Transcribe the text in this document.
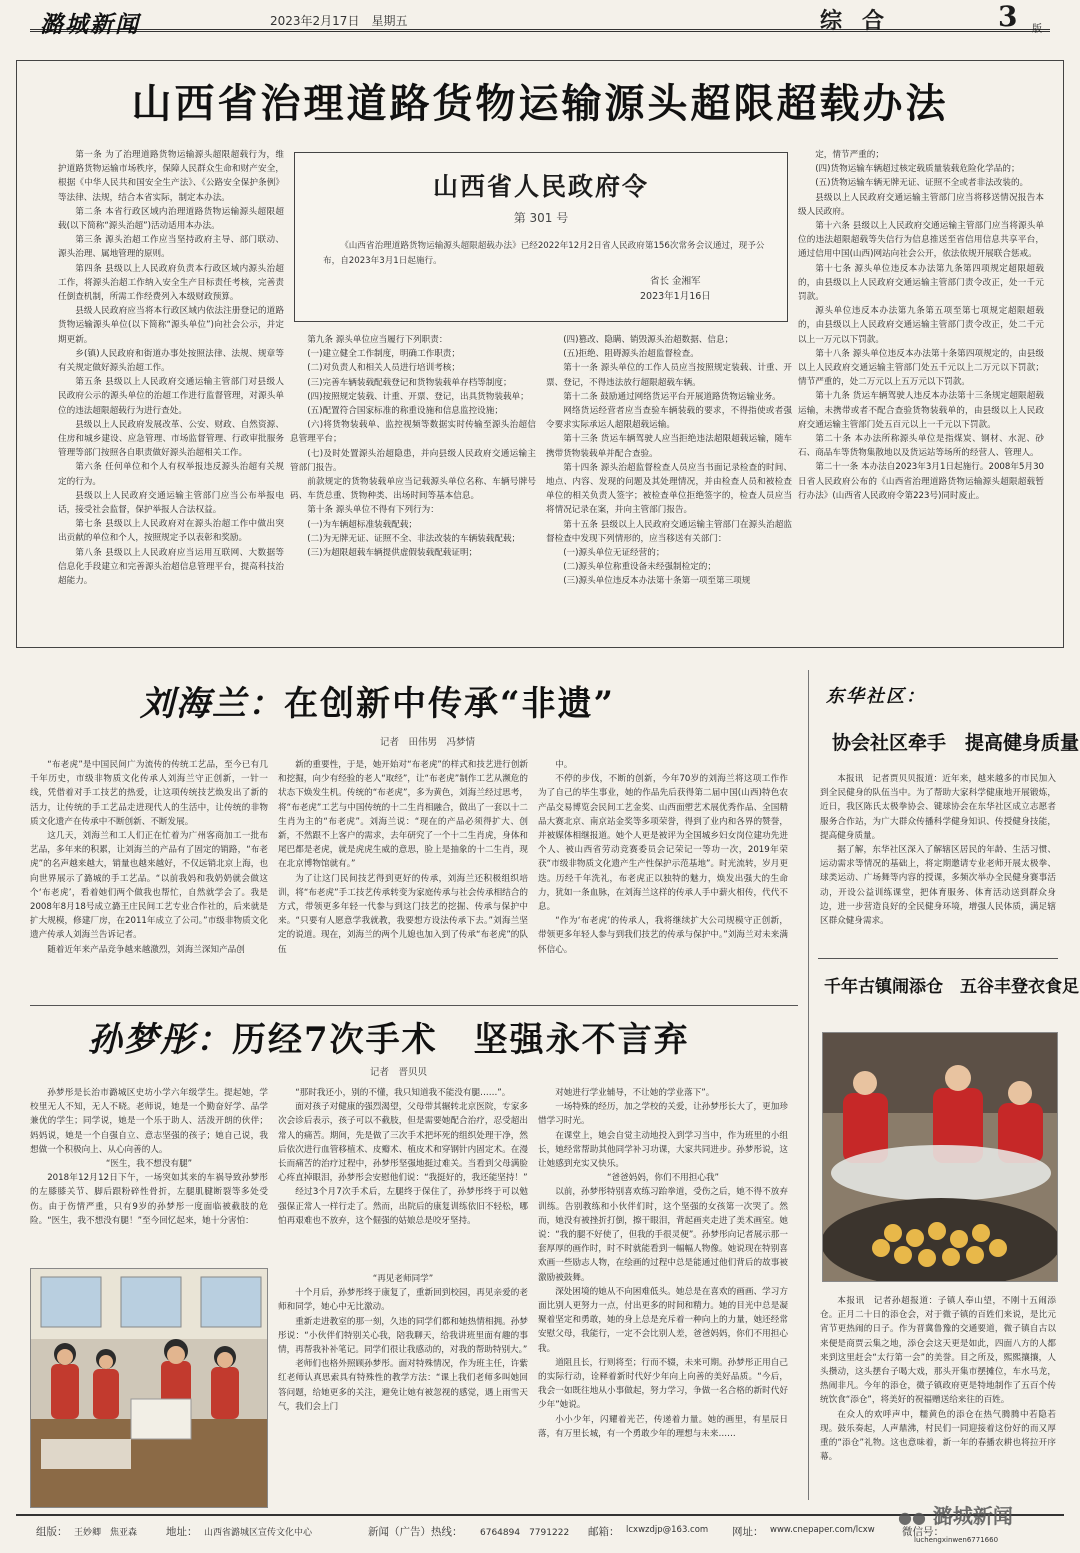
潞城新闻	2023年2月17日　星期五	综合	3 版
山西省治理道路货物运输源头超限超载办法
山西省人民政府令
第 301 号
《山西省治理道路货物运输源头超限超载办法》已经2022年12月2日省人民政府第156次常务会议通过，现予公布，自2023年3月1日起施行。
省长 金湘军
2023年1月16日

第一条 为了治理道路货物运输源头超限超载行为，维护道路货物运输市场秩序，保障人民群众生命和财产安全，根据《中华人民共和国安全生产法》、《公路安全保护条例》等法律、法规，结合本省实际，制定本办法。

第二条 本省行政区域内治理道路货物运输源头超限超载(以下简称“源头治超”)活动适用本办法。

第三条 源头治超工作应当坚持政府主导、部门联动、源头治理、属地管理的原则。

第四条 县级以上人民政府负责本行政区域内源头治超工作，将源头治超工作纳入安全生产目标责任考核，完善责任倒查机制，所需工作经费列入本级财政预算。

县级人民政府应当将本行政区域内依法注册登记的道路货物运输源头单位(以下简称“源头单位”)向社会公示，并定期更新。

乡(镇)人民政府和街道办事处按照法律、法规、规章等有关规定做好源头治超工作。

第五条 县级以上人民政府交通运输主管部门对县级人民政府公示的源头单位的治超工作进行监督管理，对源头单位的违法超限超载行为进行查处。

县级以上人民政府发展改革、公安、财政、自然资源、住房和城乡建设、应急管理、市场监督管理、行政审批服务管理等部门按照各自职责做好源头治超相关工作。

第六条 任何单位和个人有权举报违反源头治超有关规定的行为。

县级以上人民政府交通运输主管部门应当公布举报电话，接受社会监督，保护举报人合法权益。

第七条 县级以上人民政府对在源头治超工作中做出突出贡献的单位和个人，按照规定予以表彰和奖励。

第八条 县级以上人民政府应当运用互联网、大数据等信息化手段建立和完善源头治超信息管理平台，提高科技治超能力。

第九条 源头单位应当履行下列职责：

(一)建立健全工作制度，明确工作职责；

(二)对负责人和相关人员进行培训考核；

(三)完善车辆装载配载登记和货物装载单存档等制度；

(四)按照规定装载、计重、开票、登记，出具货物装载单；

(五)配置符合国家标准的称重设施和信息监控设施；

(六)将货物装载单、监控视频等数据实时传输至源头治超信息管理平台；

(七)及时处置源头治超隐患，并向县级人民政府交通运输主管部门报告。

前款规定的货物装载单应当记载源头单位名称、车辆号牌号码、车货总重、货物种类、出场时间等基本信息。

第十条 源头单位不得有下列行为：

(一)为车辆超标准装载配载；

(二)为无牌无证、证照不全、非法改装的车辆装载配载；

(三)为超限超载车辆提供虚假装载配载证明；

(四)篡改、隐瞒、销毁源头治超数据、信息；

(五)拒绝、阻碍源头治超监督检查。

第十一条 源头单位的工作人员应当按照规定装载、计重、开票、登记，不得违法放行超限超载车辆。

第十二条 鼓励通过网络货运平台开展道路货物运输业务。

网络货运经营者应当查验车辆装载的要求，不得指使或者强令要求实际承运人超限超载运输。

第十三条 货运车辆驾驶人应当拒绝违法超限超载运输，随车携带货物装载单并配合查验。

第十四条 源头治超监督检查人员应当书面记录检查的时间、地点、内容、发现的问题及其处理情况，并由检查人员和被检查单位的相关负责人签字；被检查单位拒绝签字的，检查人员应当将情况记录在案，并向主管部门报告。

第十五条 县级以上人民政府交通运输主管部门在源头治超监督检查中发现下列情形的，应当移送有关部门：

(一)源头单位无证经营的；

(二)源头单位称重设备未经强制检定的；

(三)源头单位违反本办法第十条第一项至第三项规

定，情节严重的；

(四)货物运输车辆超过核定载质量装载危险化学品的；

(五)货物运输车辆无牌无证、证照不全或者非法改装的。

县级以上人民政府交通运输主管部门应当将移送情况报告本级人民政府。

第十六条 县级以上人民政府交通运输主管部门应当将源头单位的违法超限超载等失信行为信息推送至省信用信息共享平台，通过信用中国(山西)网站向社会公开，依法依规开展联合惩戒。

第十七条 源头单位违反本办法第九条第四项规定超限超载的，由县级以上人民政府交通运输主管部门责令改正，处一千元罚款。

源头单位违反本办法第九条第五项至第七项规定超限超载的，由县级以上人民政府交通运输主管部门责令改正，处二千元以上一万元以下罚款。

第十八条 源头单位违反本办法第十条第四项规定的，由县级以上人民政府交通运输主管部门处五千元以上二万元以下罚款；情节严重的，处二万元以上五万元以下罚款。

第十九条 货运车辆驾驶人违反本办法第十三条规定超限超载运输，未携带或者不配合查验货物装载单的，由县级以上人民政府交通运输主管部门处五百元以上一千元以下罚款。

第二十条 本办法所称源头单位是指煤炭、钢材、水泥、砂石、商品车等货物集散地以及货运站等场所的经营人、管理人。

第二十一条 本办法自2023年3月1日起施行。2008年5月30日省人民政府公布的《山西省治理道路货物运输源头超限超载暂行办法》(山西省人民政府令第223号)同时废止。

刘海兰：在创新中传承“非遗”
记者　田伟男　冯梦情

“布老虎”是中国民间广为流传的传统工艺品，至今已有几千年历史，市级非物质文化传承人刘海兰守正创新，一针一线，凭借着对手工技艺的热爱，让这项传统技艺焕发出了新的活力，让传统的手工艺品走进现代人的生活中，让传统的非物质文化遗产在传承中不断创新、不断发展。

这几天，刘海兰和工人们正在忙着为广州客商加工一批布艺品，多年来的积累，让刘海兰的产品有了固定的销路，“布老虎”的名声越来越大，销量也越来越好，不仅远销北京上海，也向世界展示了潞城的手工艺品。“以前我妈和我奶奶就会做这个‘布老虎’，看着她们两个做我也帮忙，自然就学会了。我是2008年8月18号成立潞王庄民间工艺专业合作社的，后来就是扩大规模，修建厂房，在2011年成立了公司。”市级非物质文化遗产传承人刘海兰告诉记者。

随着近年来产品竞争越来越激烈，刘海兰深知产品创

新的重要性，于是，她开始对“布老虎”的样式和技艺进行创新和挖掘，向少有经验的老人“取经”，让“布老虎”制作工艺从濒危的状态下焕发生机。传统的“布老虎”，多为黄色，刘海兰经过思考，将“布老虎”工艺与中国传统的十二生肖相融合，做出了一套以十二生肖为主的“布老虎”。刘海兰说：“现在的产品必须得扩大、创新，不然跟不上客户的需求，去年研究了一个十二生肖虎，身体和尾巴都是老虎，就是虎虎生威的意思，脸上是抽象的十二生肖，现在北京博物馆就有。”

为了让这门民间技艺得到更好的传承，刘海兰还积极组织培训，将“布老虎”手工技艺传承转变为家庭传承与社会传承相结合的方式，带领更多年轻一代参与到这门技艺的挖掘、传承与保护中来。“只要有人愿意学我就教，我要想方设法传承下去。”刘海兰坚定的说道。现在，刘海兰的两个儿媳也加入到了传承“布老虎”的队伍

中。

不停的步伐，不断的创新，今年70岁的刘海兰将这项工作作为了自己的毕生事业，她的作品先后获得第二届中国(山西)特色农产品交易博览会民间工艺金奖、山西面塑艺术展优秀作品、全国精品大赛北京、南京站金奖等多项荣誉，得到了业内和各界的赞誉，并被媒体相继报道。她个人更是被评为全国城乡妇女岗位建功先进个人、被山西省劳动竞赛委员会记荣记一等功一次，2019年荣获“市级非物质文化遗产生产性保护示范基地”。时光流转，岁月更迭。历经千年洗礼，布老虎正以独特的魅力，焕发出强大的生命力，犹如一条血脉，在刘海兰这样的传承人手中薪火相传，代代不息。

“作为‘布老虎’的传承人，我将继续扩大公司规模守正创新，带领更多年轻人参与到我们技艺的传承与保护中。”刘海兰对未来满怀信心。

孙梦彤：历经7次手术　坚强永不言弃
记者　晋贝贝

孙梦彤是长治市潞城区史坊小学六年级学生。提起她，学校里无人不知，无人不晓。老师说，她是一个勤奋好学、品学兼优的学生；同学说，她是一个乐于助人、活泼开朗的伙伴；妈妈说，她是一个自强自立、意志坚强的孩子；她自己说，我想做一个积极向上、从心向善的人。

“医生，我不想没有腿”

2018年12月12日下午，一场突如其来的车祸导致孙梦彤的左膝膝关节、脚后跟粉碎性骨折，左腿肌腱断裂等多处受伤。由于伤情严重，只有9岁的孙梦彤一度面临被截肢的危险。“医生，我不想没有腿！”至今回忆起来，她十分害怕：

“那时我还小，别的不懂，我只知道我不能没有腿……”。

面对孩子对健康的强烈渴望，父母带其辗转北京医院，专家多次会诊后表示，孩子可以不截肢，但是需要她配合治疗，忍受超出常人的痛苦。期间，先是做了三次手术把坏死的组织处理干净，然后依次进行血管移植术、皮瓣术、植皮术和穿钢针内固定术。在漫长而痛苦的治疗过程中，孙梦彤坚强地挺过难关。当看到父母满脸心疼直掉眼泪，孙梦彤会安慰他们说：“我挺好的，我还能坚持！”

经过3个月7次手术后，左腿终于保住了，孙梦彤终于可以勉强保正常人一样行走了。然而，出院后的康复训练依旧不轻松，哪怕再艰难也不放弃，这个倔强的姑娘总是咬牙坚持。

“再见老师同学”

十个月后，孙梦彤终于康复了，重新回到校园，再见亲爱的老师和同学，她心中无比激动。

重新走进教室的那一刻，久违的同学们都和她热情相拥。孙梦彤说：“小伙伴们特别关心我，陪我聊天，给我讲班里面有趣的事情，再帮我补补笔记。同学们很让我感动的，对我的帮助特别大。”

老师们也格外照顾孙梦彤。面对特殊情况，作为班主任，许紫红老师认真思索具有特殊性的教学方法：“课上我们老师多叫她回答问题，给她更多的关注，避免让她有被忽视的感觉，遇上雨雪天气，我们会上门

对她进行学业辅导，不让她的学业落下”。

一场特殊的经历，加之学校的关爱，让孙梦彤长大了，更加珍惜学习时光。

在课堂上，她会自觉主动地投入到学习当中，作为班里的小组长，她经常帮助其他同学补习功课，大家共同进步。孙梦彤说，这让她感到充实又快乐。

“爸爸妈妈，你们不用担心我”

以前，孙梦彤特别喜欢练习跆拳道，受伤之后，她不得不放弃训练。告别教练和小伙伴们时，这个坚强的女孩第一次哭了。然而，她没有被挫折打倒，擦干眼泪，背起画夹走进了美术画室。她说：“我的腿不好使了，但我的手很灵便”。孙梦彤向记者展示那一套厚厚的画作时，时不时就能看到一幅幅人物像。她说现在特别喜欢画一些励志人物，在绘画的过程中总是能通过他们背后的故事被激励被鼓舞。

深处困境的她从不向困难低头。她总是在喜欢的画画、学习方面比别人更努力一点，付出更多的时间和精力。她的目光中总是凝聚着坚定和勇敢，她的身上总是充斥着一种向上的力量，她还经常安慰父母，我能行，一定不会比别人差，爸爸妈妈，你们不用担心我。

道阻且长，行则将至；行而不辍，未来可期。孙梦彤正用自己的实际行动，诠释着新时代好少年向上向善的美好品质。“今后，我会一如既往地从小事做起，努力学习，争做一名合格的新时代好少年”她说。

小小少年，闪耀着光芒，传递着力量。她的画里，有星辰日落，有万里长城，有一个勇敢少年的理想与未来……

东华社区：
协会社区牵手　提高健身质量

本报讯　记者贾贝贝报道：近年来，越来越多的市民加入到全民健身的队伍当中。为了帮助大家科学健康地开展锻炼，近日，我区陈氏太极拳协会、键球协会在东华社区成立志愿者服务合作站，为广大群众传播科学健身知识、传授健身技能，提高健身质量。

据了解，东华社区深入了解辖区居民的年龄、生活习惯、运动需求等情况的基础上，将定期邀请专业老师开展太极拳、球类运动、广场舞等内容的授课，多频次举办全民健身赛事活动，开设公益训练课堂，把体育服务、体育活动送到群众身边，进一步营造良好的全民健身环境，增强人民体质，满足辖区群众健身需求。

千年古镇闹添仓　五谷丰登衣食足

本报讯　记者孙超报道：子镇人奉山望，不刚十五闹添仓。正月二十日的添仓会，对于微子镇的百姓们来说，是比元宵节更热闹的日子。作为晋冀鲁豫的交通要道，微子镇自古以来便是商贾云集之地，添仓会这天更是如此，四面八方的人都来到这里赶会“太行第一会”的美誉。目之所及，熙熙攘攘，人头攒动，这头摆台子喝大戏，那头开集市摆摊位，车水马龙，热闹非凡。今年的添仓，微子镇政府更是特地制作了五百个传统饮食“添仓”，将美好的祝福赠送给来往的百姓。

在众人的欢呼声中，糯黄色的添仓在热气腾腾中若隐若现。鼓乐奏起，人声鼎沸，村民们一同迎接着这份好的而又厚重的“添仓”礼物。这也意味着，新一年的春播农耕也将拉开序幕。

组版： 王妙卿　焦亚森	地址： 山西省潞城区宣传文化中心	新闻（广告）热线： 6764894　7791222 邮箱： lcxwzdjp@163.com 网址： www.cnepaper.com/lcxw	微信号：
luchengxinwen6771660
●● 潞城新闻
